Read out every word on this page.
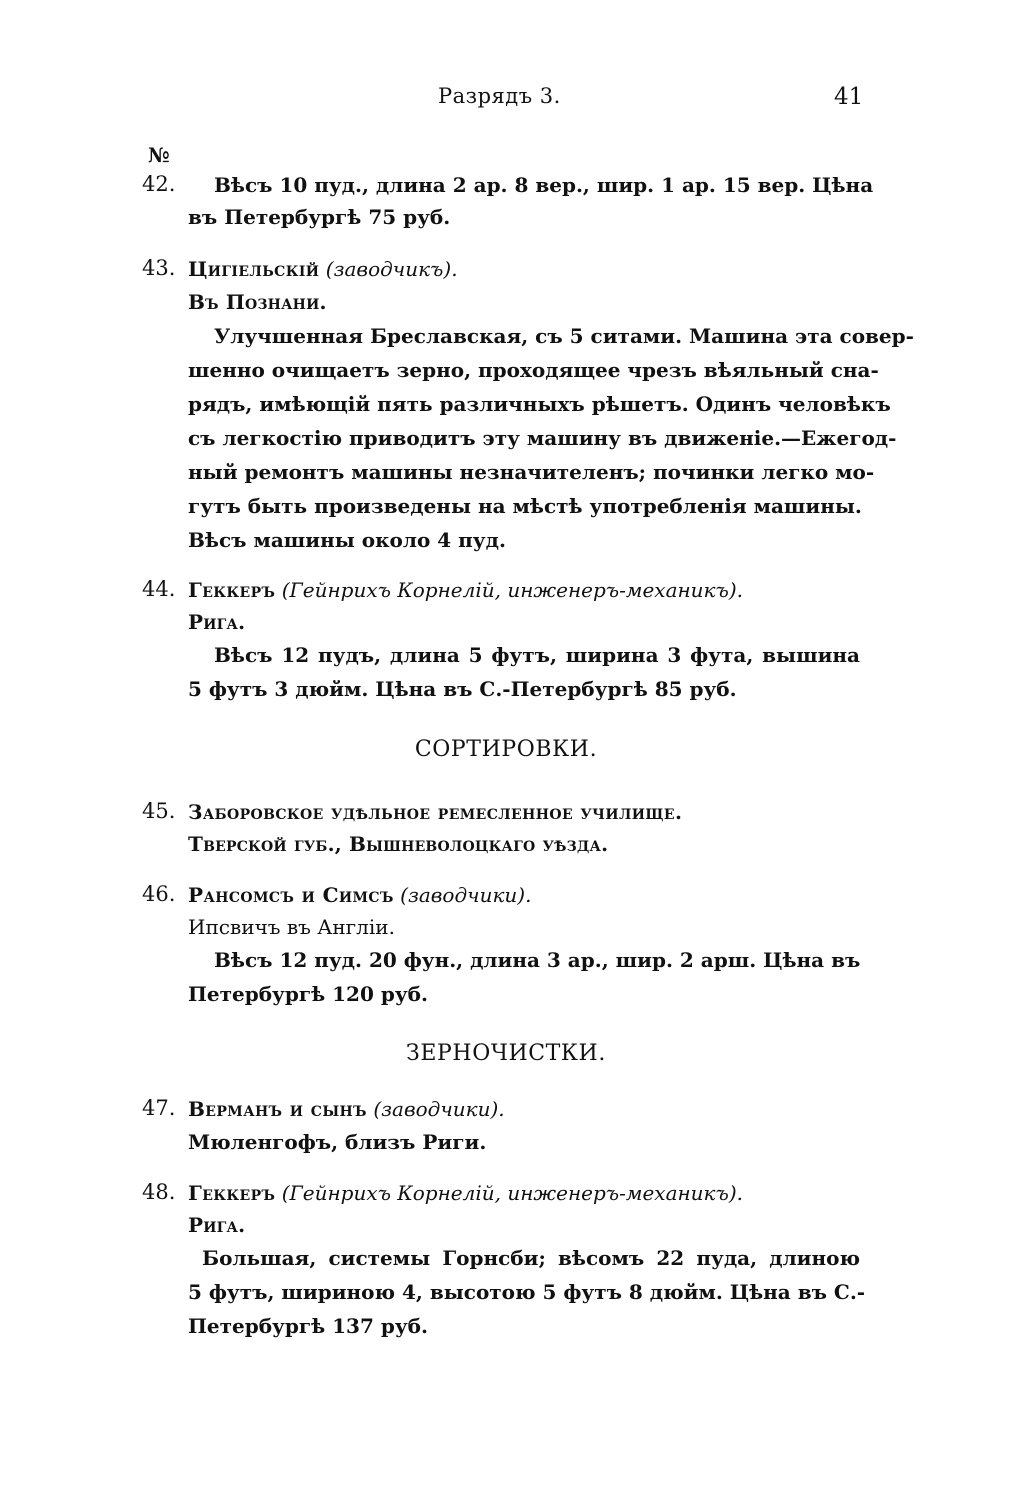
Разрядъ 3.	41
№
42. Вѣсъ 10 пуд., длина 2 ар. 8 вер., шир. 1 ар. 15 вер. Цѣна
въ Петербургѣ 75 руб.
43. Цигіельскій (заводчикъ).
Въ Познани.
Улучшенная Бреславская, съ 5 ситами. Машина эта совер-
шенно очищаетъ зерно, проходящее чрезъ вѣяльный сна-
рядъ, имѣющій пять различныхъ рѣшетъ. Одинъ человѣкъ
съ легкостію приводитъ эту машину въ движеніе.—Ежегод-
ный ремонтъ машины незначителенъ; починки легко мо-
гутъ быть произведены на мѣстѣ употребленія машины.
Вѣсъ машины около 4 пуд.
44. Геккеръ (Гейнрихъ Корнелій, инженеръ-механикъ).
Рига.
Вѣсъ 12 пудъ, длина 5 футъ, ширина 3 фута, вышина
5 футъ 3 дюйм. Цѣна въ С.-Петербургѣ 85 руб.
СОРТИРОВКИ.
45. Заборовское удѣльное ремесленное училище.
Тверской губ., Вышневолоцкаго уѣзда.
46. Рансомсъ и Симсъ (заводчики).
Ипсвичъ въ Англіи.
Вѣсъ 12 пуд. 20 фун., длина 3 ар., шир. 2 арш. Цѣна въ
Петербургѣ 120 руб.
ЗЕРНОЧИСТКИ.
47. Верманъ и сынъ (заводчики).
Мюленгофъ, близъ Риги.
48. Геккеръ (Гейнрихъ Корнелій, инженеръ-механикъ).
Рига.
Большая, системы Горнсби; вѣсомъ 22 пуда, длиною
5 футъ, шириною 4, высотою 5 футъ 8 дюйм. Цѣна въ С.-
Петербургѣ 137 руб.
